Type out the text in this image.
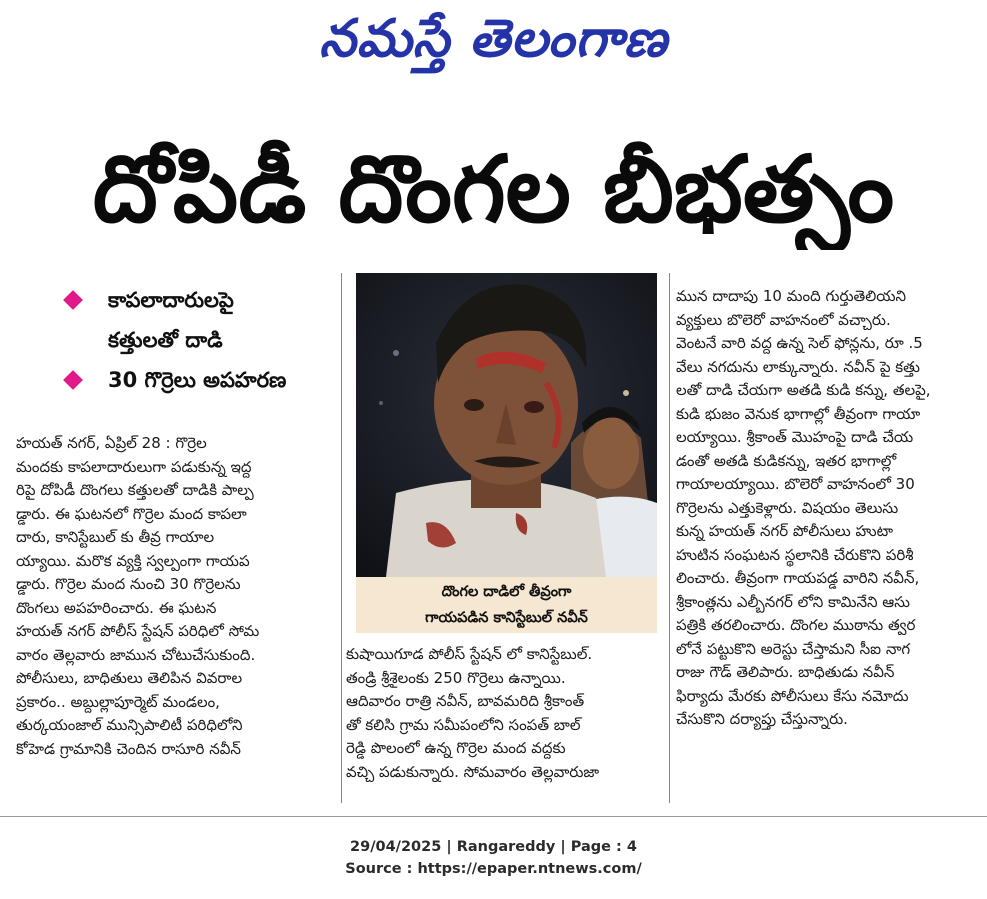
నమస్తే తెలంగాణ
దోపిడీ దొంగల బీభత్సం
కాపలాదారులపై
కత్తులతో దాడి
30 గొర్రెలు అపహరణ

హయత్ నగర్, ఏప్రిల్ 28 : గొర్రెల

మందకు కాపలాదారులుగా పడుకున్న ఇద్ద

రిపై దోపిడీ దొంగలు కత్తులతో దాడికి పాల్ప

డ్డారు. ఈ ఘటనలో గొర్రెల మంద కాపలా

దారు, కానిస్టేబుల్ కు తీవ్ర గాయాల

య్యాయి. మరొక వ్యక్తి స్వల్పంగా గాయప

డ్డారు. గొర్రెల మంద నుంచి 30 గొర్రెలను

దొంగలు అపహరించారు. ఈ ఘటన

హయత్ నగర్ పోలీస్ స్టేషన్ పరిధిలో సోమ

వారం తెల్లవారు జామున చోటుచేసుకుంది.

పోలీసులు, బాధితులు తెలిపిన వివరాల

ప్రకారం.. అబ్దుల్లాపూర్మెట్ మండలం,

తుర్కయంజాల్ మున్సిపాలిటీ పరిధిలోని

కోహెడ గ్రామానికి చెందిన రాసూరి నవీన్

దొంగల దాడిలో తీవ్రంగా
గాయపడిన కానిస్టేబుల్ నవీన్

కుషాయిగూడ పోలీస్ స్టేషన్ లో కానిస్టేబుల్.

తండ్రి శ్రీశైలంకు 250 గొర్రెలు ఉన్నాయి.

ఆదివారం రాత్రి నవీన్, బావమరిది శ్రీకాంత్

తో కలిసి గ్రామ సమీపంలోని సంపత్ బాల్

రెడ్డి పొలంలో ఉన్న గొర్రెల మంద వద్దకు

వచ్చి పడుకున్నారు. సోమవారం తెల్లవారుజా

మున దాదాపు 10 మంది గుర్తుతెలియని

వ్యక్తులు బొలెరో వాహనంలో వచ్చారు.

వెంటనే వారి వద్ద ఉన్న సెల్ ఫోన్లను, రూ .5

వేలు నగదును లాక్కున్నారు. నవీన్ పై కత్తు

లతో దాడి చేయగా అతడి కుడి కన్ను, తలపై,

కుడి భుజం వెనుక భాగాల్లో తీవ్రంగా గాయా

లయ్యాయి. శ్రీకాంత్ మొహంపై దాడి చేయ

డంతో అతడి కుడికన్ను, ఇతర భాగాల్లో

గాయాలయ్యాయి. బొలెరో వాహనంలో 30

గొర్రెలను ఎత్తుకెళ్లారు. విషయం తెలుసు

కున్న హయత్ నగర్ పోలీసులు హుటా

హుటిన సంఘటన స్థలానికి చేరుకొని పరిశీ

లించారు. తీవ్రంగా గాయపడ్డ వారిని నవీన్,

శ్రీకాంత్లను ఎల్బీనగర్ లోని కామినేని ఆసు

పత్రికి తరలించారు. దొంగల ముఠాను త్వర

లోనే పట్టుకొని అరెస్టు చేస్తామని సీఐ నాగ

రాజు గౌడ్ తెలిపారు. బాధితుడు నవీన్

ఫిర్యాదు మేరకు పోలీసులు కేసు నమోదు

చేసుకొని దర్యాప్తు చేస్తున్నారు.

29/04/2025 | Rangareddy | Page : 4
Source : https://epaper.ntnews.com/
